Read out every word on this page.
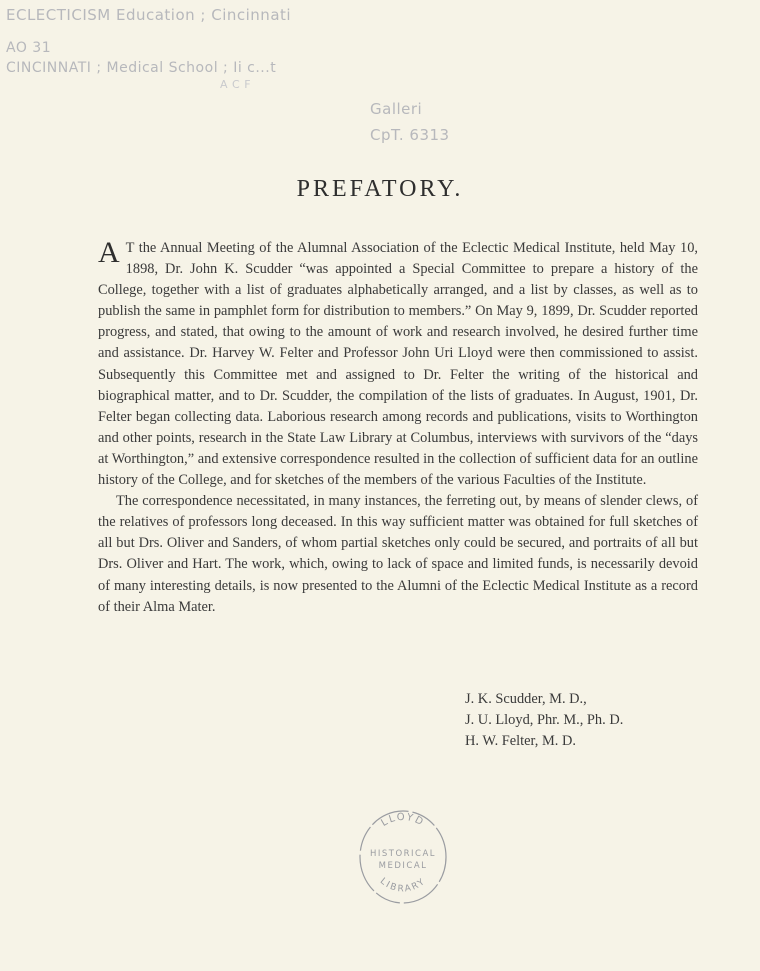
ECLECTICISM Education ; Cincinnati
AO 31
CINCINNATI ; Medical School ; Ii c...t
A C F
Galleri
CpT. 6313
PREFATORY.

A T the Annual Meeting of the Alumnal Association of the Eclectic Medical Institute, held May 10, 1898, Dr. John K. Scudder “was appointed a Special Committee to prepare a history of the College, together with a list of graduates alphabetically arranged, and a list by classes, as well as to publish the same in pamphlet form for distribution to members.” On May 9, 1899, Dr. Scudder reported progress, and stated, that owing to the amount of work and research involved, he desired further time and assistance. Dr. Harvey W. Felter and Professor John Uri Lloyd were then commissioned to assist. Subsequently this Committee met and assigned to Dr. Felter the writing of the historical and biographical matter, and to Dr. Scudder, the compilation of the lists of graduates. In August, 1901, Dr. Felter began collecting data. Laborious research among records and publications, visits to Worthington and other points, research in the State Law Library at Columbus, interviews with survivors of the “days at Worthington,” and extensive correspondence resulted in the collection of sufficient data for an outline history of the College, and for sketches of the members of the various Faculties of the Institute.

The correspondence necessitated, in many instances, the ferreting out, by means of slender clews, of the relatives of professors long deceased. In this way sufficient matter was obtained for full sketches of all but Drs. Oliver and Sanders, of whom partial sketches only could be secured, and portraits of all but Drs. Oliver and Hart. The work, which, owing to lack of space and limited funds, is necessarily devoid of many interesting details, is now presented to the Alumni of the Eclectic Medical Institute as a record of their Alma Mater.

J. K. Scudder, M. D.,
J. U. Lloyd, Phr. M., Ph. D.
H. W. Felter, M. D.
LLOYD
HISTORICAL
MEDICAL
LIBRARY
